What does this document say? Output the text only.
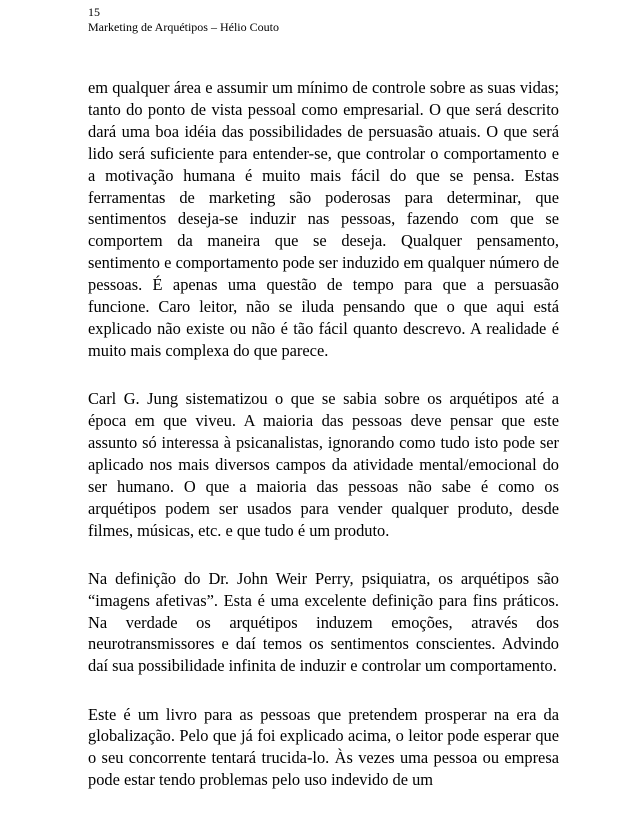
15
Marketing de Arquétipos – Hélio Couto

em qualquer área e assumir um mínimo de controle sobre as suas vidas; tanto do ponto de vista pessoal como empresarial. O que será descrito dará uma boa idéia das possibilidades de persuasão atuais. O que será lido será suficiente para entender-se, que controlar o comportamento e a motivação humana é muito mais fácil do que se pensa. Estas ferramentas de marketing são poderosas para determinar, que sentimentos deseja-se induzir nas pessoas, fazendo com que se comportem da maneira que se deseja. Qualquer pensamento, sentimento e comportamento pode ser induzido em qualquer número de pessoas. É apenas uma questão de tempo para que a persuasão funcione. Caro leitor, não se iluda pensando que o que aqui está explicado não existe ou não é tão fácil quanto descrevo. A realidade é muito mais complexa do que parece.

Carl G. Jung sistematizou o que se sabia sobre os arquétipos até a época em que viveu. A maioria das pessoas deve pensar que este assunto só interessa à psicanalistas, ignorando como tudo isto pode ser aplicado nos mais diversos campos da atividade mental/emocional do ser humano. O que a maioria das pessoas não sabe é como os arquétipos podem ser usados para vender qualquer produto, desde filmes, músicas, etc. e que tudo é um produto.

Na definição do Dr. John Weir Perry, psiquiatra, os arquétipos são “imagens afetivas”. Esta é uma excelente definição para fins práticos. Na verdade os arquétipos induzem emoções, através dos neurotransmissores e daí temos os sentimentos conscientes. Advindo daí sua possibilidade infinita de induzir e controlar um comportamento.

Este é um livro para as pessoas que pretendem prosperar na era da globalização. Pelo que já foi explicado acima, o leitor pode esperar que o seu concorrente tentará trucida-lo. Às vezes uma pessoa ou empresa pode estar tendo problemas pelo uso indevido de um
